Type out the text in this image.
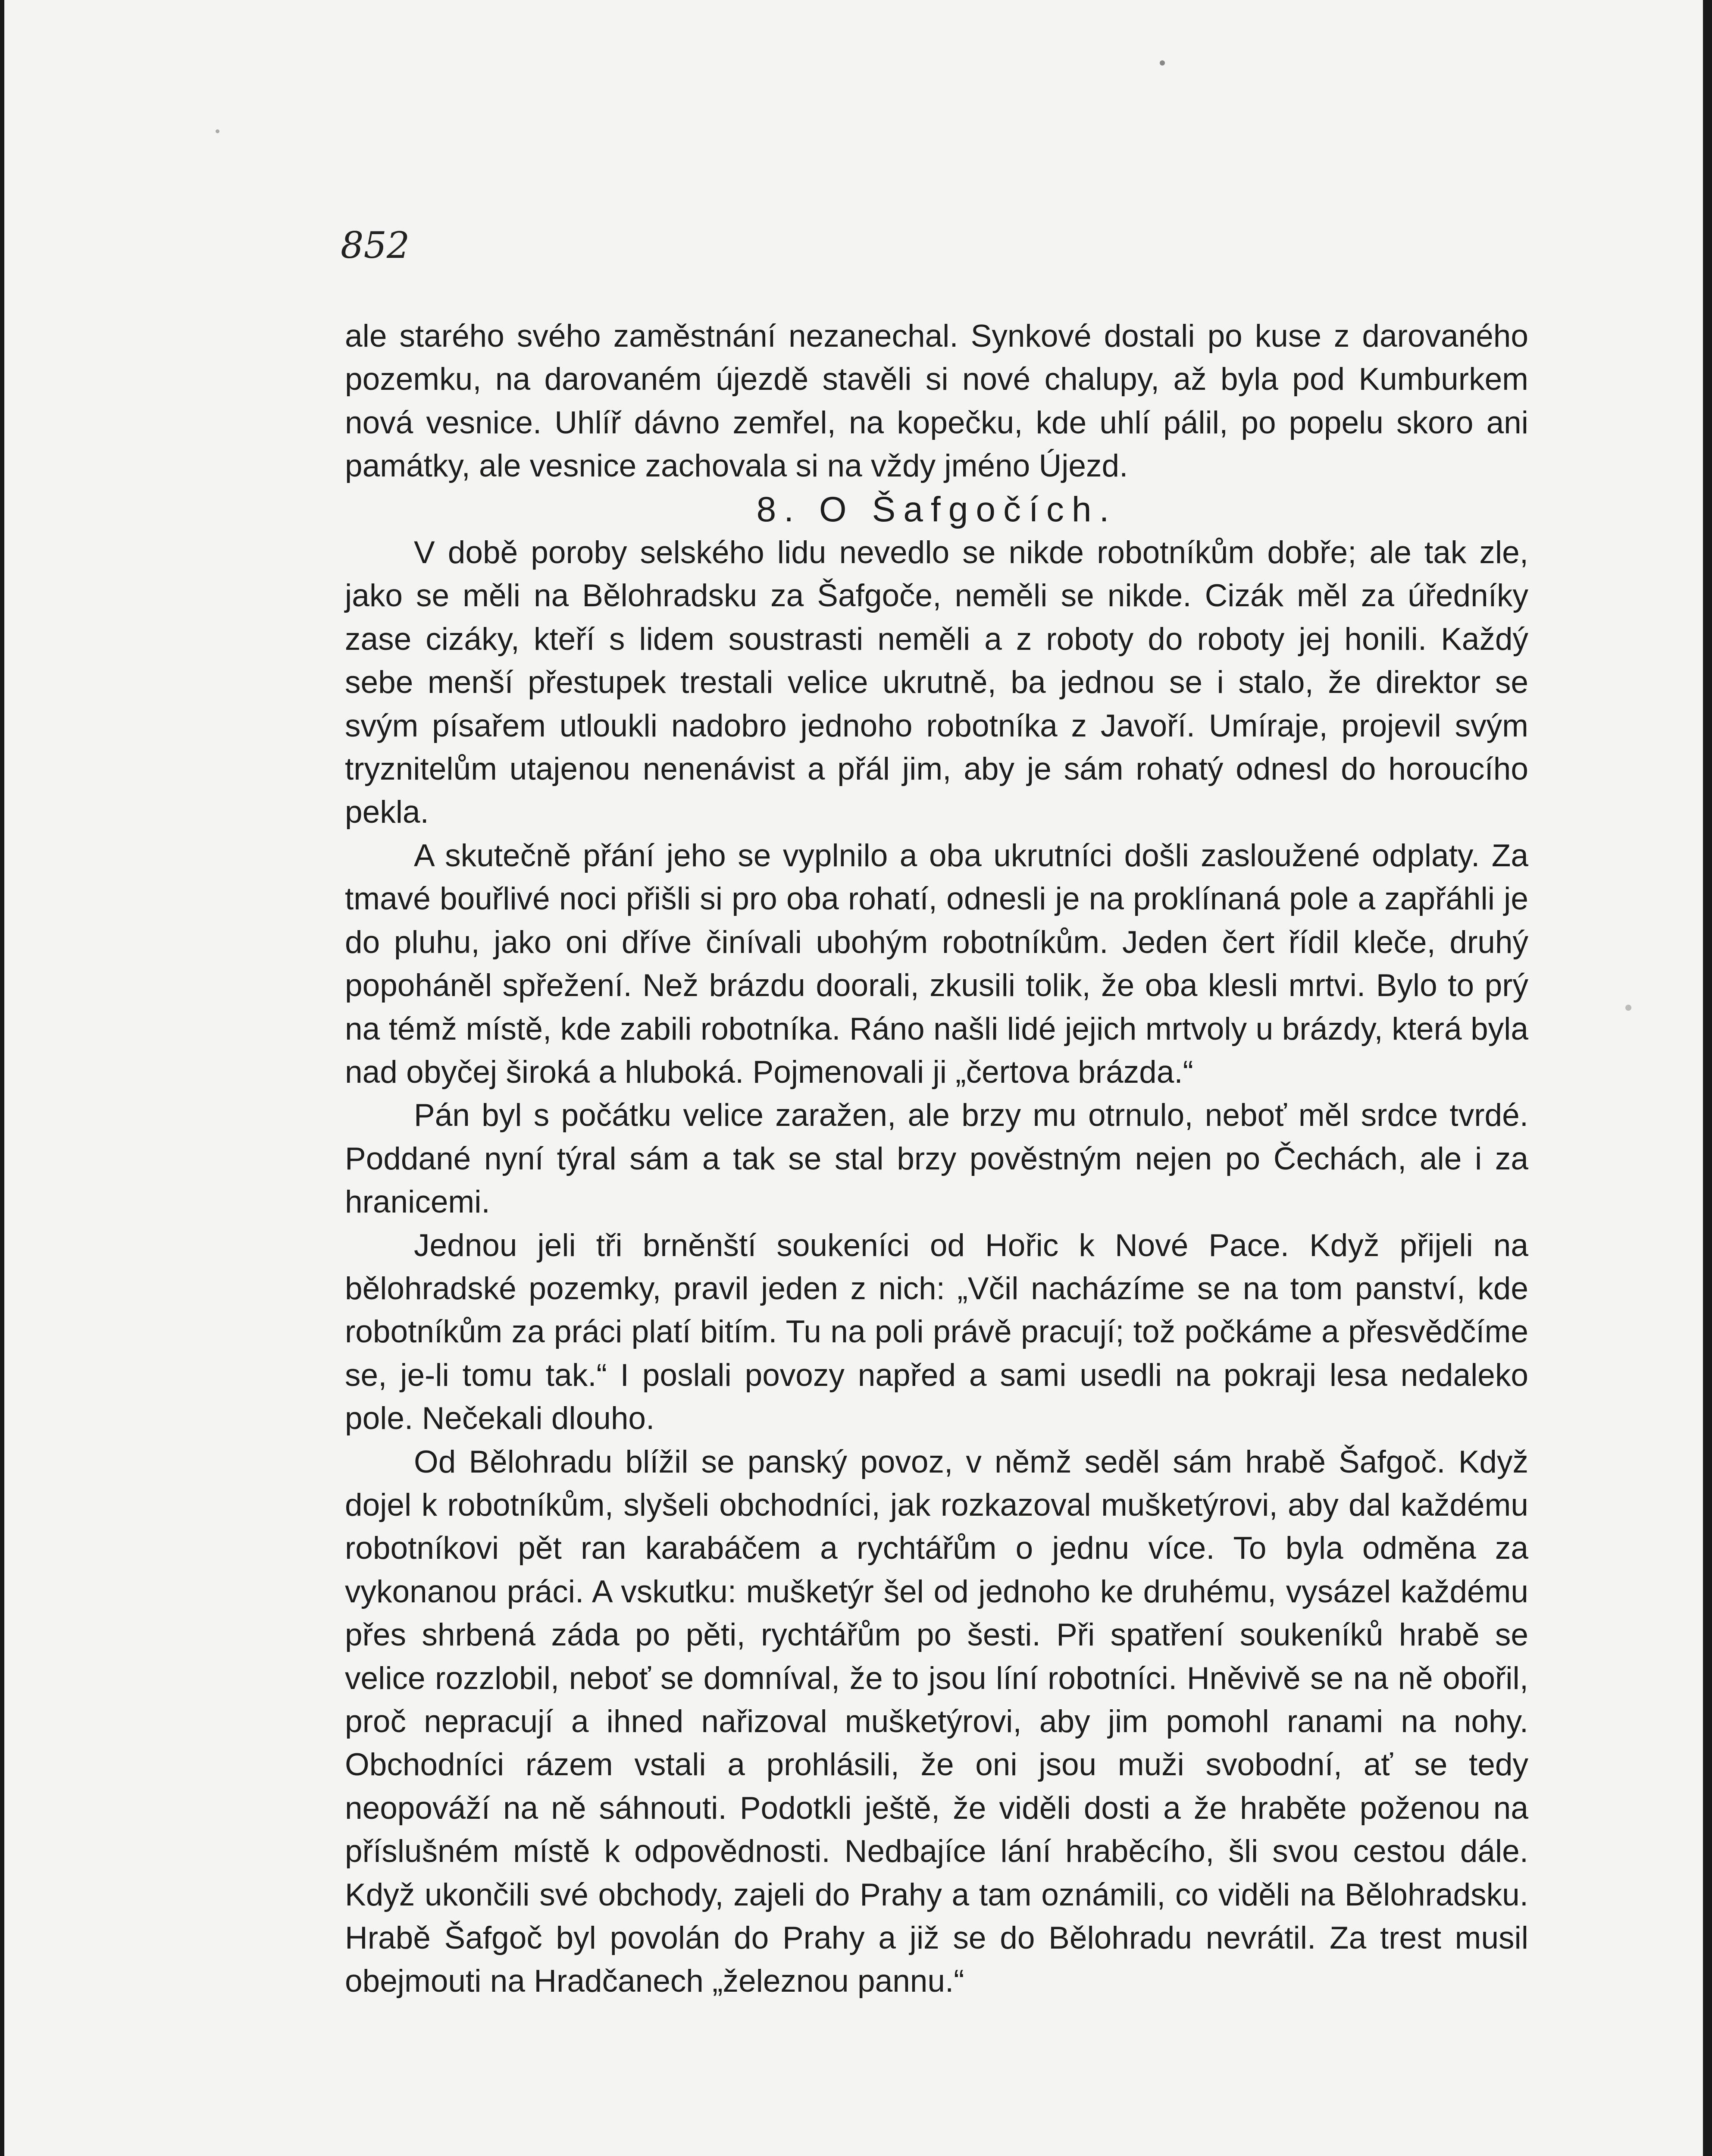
852

ale starého svého zaměstnání nezanechal. Synkové dostali po kuse z darovaného pozemku, na darovaném újezdě stavěli si nové chalupy, až byla pod Kumburkem nová vesnice. Uhlíř dávno zemřel, na kopečku, kde uhlí pálil, po popelu skoro ani památky, ale vesnice zachovala si na vždy jméno Újezd.

8. O Šafgočích.

V době poroby selského lidu nevedlo se nikde robotníkům dobře; ale tak zle, jako se měli na Bělohradsku za Šafgoče, neměli se nikde. Cizák měl za úředníky zase cizáky, kteří s lidem soustrasti neměli a z roboty do roboty jej honili. Každý sebe menší přestupek trestali velice ukrutně, ba jednou se i stalo, že direktor se svým písařem utloukli nadobro jednoho robotníka z Javoří. Umíraje, projevil svým tryznitelům utajenou nenenávist a přál jim, aby je sám rohatý odnesl do horoucího pekla.

A skutečně přání jeho se vyplnilo a oba ukrutníci došli zasloužené odplaty. Za tmavé bouřlivé noci přišli si pro oba rohatí, odnesli je na proklínaná pole a zapřáhli je do pluhu, jako oni dříve činívali ubohým robotníkům. Jeden čert řídil kleče, druhý popoháněl spřežení. Než brázdu doorali, zkusili tolik, že oba klesli mrtvi. Bylo to prý na témž místě, kde zabili robotníka. Ráno našli lidé jejich mrtvoly u brázdy, která byla nad obyčej široká a hluboká. Pojmenovali ji „čertova brázda.“

Pán byl s počátku velice zaražen, ale brzy mu otrnulo, neboť měl srdce tvrdé. Poddané nyní týral sám a tak se stal brzy pověstným nejen po Čechách, ale i za hranicemi.

Jednou jeli tři brněnští soukeníci od Hořic k Nové Pace. Když přijeli na bělohradské pozemky, pravil jeden z nich: „Včil nacházíme se na tom panství, kde robotníkům za práci platí bitím. Tu na poli právě pracují; tož počkáme a přesvědčíme se, je-li tomu tak.“ I poslali povozy napřed a sami usedli na pokraji lesa nedaleko pole. Nečekali dlouho.

Od Bělohradu blížil se panský povoz, v němž seděl sám hrabě Šafgoč. Když dojel k robotníkům, slyšeli obchodníci, jak rozkazoval mušketýrovi, aby dal každému robotníkovi pět ran karabáčem a rychtářům o jednu více. To byla odměna za vykonanou práci. A vskutku: mušketýr šel od jednoho ke druhému, vysázel každému přes shrbená záda po pěti, rychtářům po šesti. Při spatření soukeníků hrabě se velice rozzlobil, neboť se domníval, že to jsou líní robotníci. Hněvivě se na ně obořil, proč nepracují a ihned nařizoval mušketýrovi, aby jim pomohl ranami na nohy. Obchodníci rázem vstali a prohlásili, že oni jsou muži svobodní, ať se tedy neopováží na ně sáhnouti. Podotkli ještě, že viděli dosti a že hraběte poženou na příslušném místě k odpovědnosti. Nedbajíce lání hraběcího, šli svou cestou dále. Když ukončili své obchody, zajeli do Prahy a tam oznámili, co viděli na Bělohradsku. Hrabě Šafgoč byl povolán do Prahy a již se do Bělohradu nevrátil. Za trest musil obejmouti na Hradčanech „železnou pannu.“
